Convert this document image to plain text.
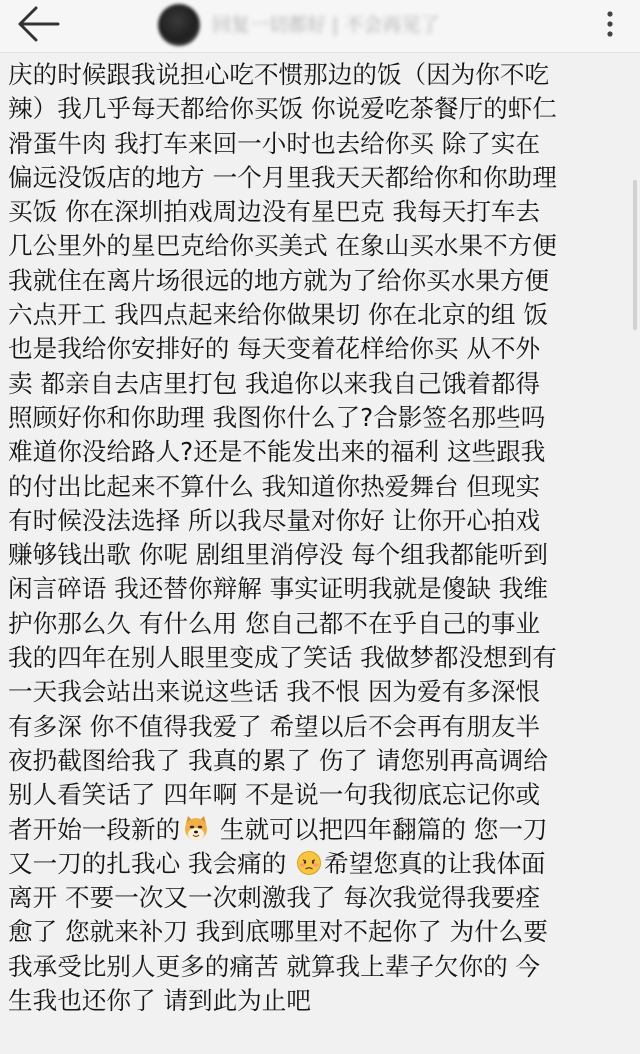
回复一切都好 | 不会再见了
庆的时候跟我说担心吃不惯那边的饭（因为你不吃
辣）我几乎每天都给你买饭 你说爱吃茶餐厅的虾仁
滑蛋牛肉 我打车来回一小时也去给你买 除了实在
偏远没饭店的地方 一个月里我天天都给你和你助理
买饭 你在深圳拍戏周边没有星巴克 我每天打车去
几公里外的星巴克给你买美式 在象山买水果不方便
我就住在离片场很远的地方就为了给你买水果方便
六点开工 我四点起来给你做果切 你在北京的组 饭
也是我给你安排好的 每天变着花样给你买 从不外
卖 都亲自去店里打包 我追你以来我自己饿着都得
照顾好你和你助理 我图你什么了?合影签名那些吗
难道你没给路人?还是不能发出来的福利 这些跟我
的付出比起来不算什么 我知道你热爱舞台 但现实
有时候没法选择 所以我尽量对你好 让你开心拍戏
赚够钱出歌 你呢 剧组里消停没 每个组我都能听到
闲言碎语 我还替你辩解 事实证明我就是傻缺 我维
护你那么久 有什么用 您自己都不在乎自己的事业
我的四年在别人眼里变成了笑话 我做梦都没想到有
一天我会站出来说这些话 我不恨 因为爱有多深恨
有多深 你不值得我爱了 希望以后不会再有朋友半
夜扔截图给我了 我真的累了 伤了 请您别再高调给
别人看笑话了 四年啊 不是说一句我彻底忘记你或
者开始一段新的 生就可以把四年翻篇的 您一刀
又一刀的扎我心 我会痛的 希望您真的让我体面
离开 不要一次又一次刺激我了 每次我觉得我要痊
愈了 您就来补刀 我到底哪里对不起你了 为什么要
我承受比别人更多的痛苦 就算我上辈子欠你的 今
生我也还你了 请到此为止吧
